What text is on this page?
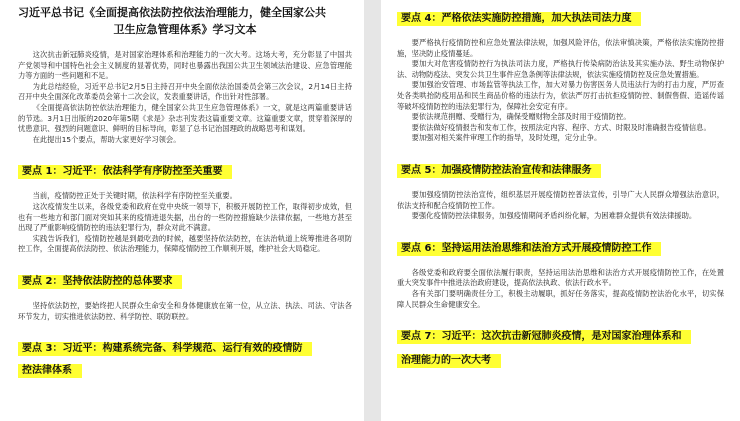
习近平总书记《全面提高依法防控依法治理能力，健全国家公共

卫生应急管理体系》学习文本

这次抗击新冠肺炎疫情，是对国家治理体系和治理能力的一次大考。这场大考，充分彰显了中国共产党领导和中国特色社会主义制度的显著优势，同时也暴露出我国公共卫生领域法治建设、应急管理能力等方面的一些问题和不足。

为此总结经验，习近平总书记2月5日主持召开中央全面依法治国委员会第三次会议，2月14日主持召开中央全面深化改革委员会第十二次会议，发表重要讲话，作出针对性部署。

《全面提高依法防控依法治理能力，健全国家公共卫生应急管理体系》一文，就是这两篇重要讲话的节选。3月1日出版的2020年第5期《求是》杂志刊发表这篇重要文章。这篇重要文章，贯穿着深厚的忧患意识、强烈的问题意识、鲜明的目标导向，彰显了总书记治国理政的战略思考和谋划。

在此提出15个要点，帮助大家更好学习领会。

要点 1：习近平：依法科学有序防控至关重要

当前，疫情防控正处于关键时期，依法科学有序防控至关重要。

这次疫情发生以来，各级党委和政府在党中央统一领导下，积极开展防控工作，取得初步成效，但也有一些地方和部门面对突如其来的疫情进退失据，出台的一些防控措施缺少法律依据，一些地方甚至出现了严重影响疫情防控的违法犯罪行为，群众对此不满意。

实践告诉我们，疫情防控越是到最吃劲的时候，越要坚持依法防控，在法治轨道上统筹推进各项防控工作，全面提高依法防控、依法治理能力，保障疫情防控工作顺利开展，维护社会大局稳定。

要点 2：坚持依法防控的总体要求

坚持依法防控，要始终把人民群众生命安全和身体健康放在第一位，从立法、执法、司法、守法各环节发力，切实推进依法防控、科学防控、联防联控。

要点 3：习近平：构建系统完备、科学规范、运行有效的疫情防

控法律体系

要点 4：严格依法实施防控措施，加大执法司法力度

要严格执行疫情防控和应急处置法律法规，加强风险评估，依法审慎决策，严格依法实施防控措施，坚决防止疫情蔓延。

要加大对危害疫情防控行为执法司法力度，严格执行传染病防治法及其实施办法、野生动物保护法、动物防疫法、突发公共卫生事件应急条例等法律法规，依法实施疫情防控及应急处置措施。

要加强治安管理、市场监管等执法工作，加大对暴力伤害医务人员违法行为的打击力度，严厉查处各类哄抬防疫用品和民生商品价格的违法行为，依法严厉打击抗拒疫情防控、制假售假、造谣传谣等破坏疫情防控的违法犯罪行为，保障社会安定有序。

要依法规范捐赠、受赠行为，确保受赠财物全部及时用于疫情防控。

要依法做好疫情报告和发布工作，按照法定内容、程序、方式、时限及时准确报告疫情信息。

要加强对相关案件审理工作的指导，及时处理，定分止争。

要点 5：加强疫情防控法治宣传和法律服务

要加强疫情防控法治宣传，组织基层开展疫情防控普法宣传，引导广大人民群众增强法治意识，依法支持和配合疫情防控工作。

要强化疫情防控法律服务，加强疫情期间矛盾纠纷化解，为困难群众提供有效法律援助。

要点 6：坚持运用法治思维和法治方式开展疫情防控工作

各级党委和政府要全面依法履行职责，坚持运用法治思维和法治方式开展疫情防控工作，在处置重大突发事件中推进法治政府建设，提高依法执政、依法行政水平。

各有关部门要明确责任分工，积极主动履职，抓好任务落实，提高疫情防控法治化水平，切实保障人民群众生命健康安全。

要点 7：习近平：这次抗击新冠肺炎疫情，是对国家治理体系和

治理能力的一次大考
